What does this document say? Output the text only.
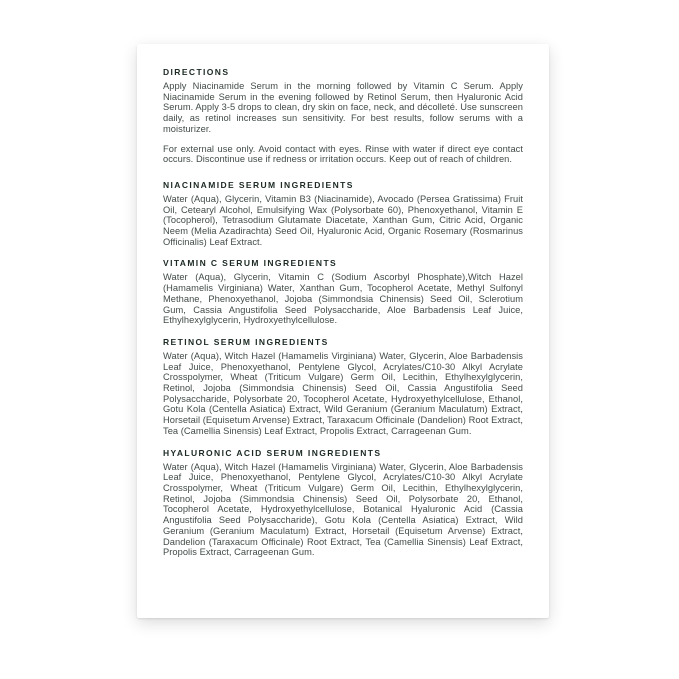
DIRECTIONS

Apply Niacinamide Serum in the morning followed by Vitamin C Serum. Apply Niacinamide Serum in the evening followed by Retinol Serum, then Hyaluronic Acid Serum. Apply 3-5 drops to clean, dry skin on face, neck, and décolleté. Use sunscreen daily, as retinol increases sun sensitivity. For best results, follow serums with a moisturizer.

For external use only. Avoid contact with eyes. Rinse with water if direct eye contact occurs. Discontinue use if redness or irritation occurs. Keep out of reach of children.

NIACINAMIDE SERUM INGREDIENTS

Water (Aqua), Glycerin, Vitamin B3 (Niacinamide), Avocado (Persea Gratissima) Fruit Oil, Cetearyl Alcohol, Emulsifying Wax (Polysorbate 60), Phenoxyethanol, Vitamin E (Tocopherol), Tetrasodium Glutamate Diacetate, Xanthan Gum, Citric Acid, Organic Neem (Melia Azadirachta) Seed Oil, Hyaluronic Acid, Organic Rosemary (Rosmarinus Officinalis) Leaf Extract.

VITAMIN C SERUM INGREDIENTS

Water (Aqua), Glycerin, Vitamin C (Sodium Ascorbyl Phosphate),Witch Hazel (Hamamelis Virginiana) Water, Xanthan Gum, Tocopherol Acetate, Methyl Sulfonyl Methane, Phenoxyethanol, Jojoba (Simmondsia Chinensis) Seed Oil, Sclerotium Gum, Cassia Angustifolia Seed Polysaccharide, Aloe Barbadensis Leaf Juice, Ethylhexylglycerin, Hydroxyethylcellulose.

RETINOL SERUM INGREDIENTS

Water (Aqua), Witch Hazel (Hamamelis Virginiana) Water, Glycerin, Aloe Barbadensis Leaf Juice, Phenoxyethanol, Pentylene Glycol, Acrylates/C10-30 Alkyl Acrylate Crosspolymer, Wheat (Triticum Vulgare) Germ Oil, Lecithin, Ethylhexylglycerin, Retinol, Jojoba (Simmondsia Chinensis) Seed Oil, Cassia Angustifolia Seed Polysaccharide, Polysorbate 20, Tocopherol Acetate, Hydroxyethylcellulose, Ethanol, Gotu Kola (Centella Asiatica) Extract, Wild Geranium (Geranium Maculatum) Extract, Horsetail (Equisetum Arvense) Extract, Taraxacum Officinale (Dandelion) Root Extract, Tea (Camellia Sinensis) Leaf Extract, Propolis Extract, Carrageenan Gum.

HYALURONIC ACID SERUM INGREDIENTS

Water (Aqua), Witch Hazel (Hamamelis Virginiana) Water, Glycerin, Aloe Barbadensis Leaf Juice, Phenoxyethanol, Pentylene Glycol, Acrylates/C10-30 Alkyl Acrylate Crosspolymer, Wheat (Triticum Vulgare) Germ Oil, Lecithin, Ethylhexylglycerin, Retinol, Jojoba (Simmondsia Chinensis) Seed Oil, Polysorbate 20, Ethanol, Tocopherol Acetate, Hydroxyethylcellulose, Botanical Hyaluronic Acid (Cassia Angustifolia Seed Polysaccharide), Gotu Kola (Centella Asiatica) Extract, Wild Geranium (Geranium Maculatum) Extract, Horsetail (Equisetum Arvense) Extract, Dandelion (Taraxacum Officinale) Root Extract, Tea (Camellia Sinensis) Leaf Extract, Propolis Extract, Carrageenan Gum.
